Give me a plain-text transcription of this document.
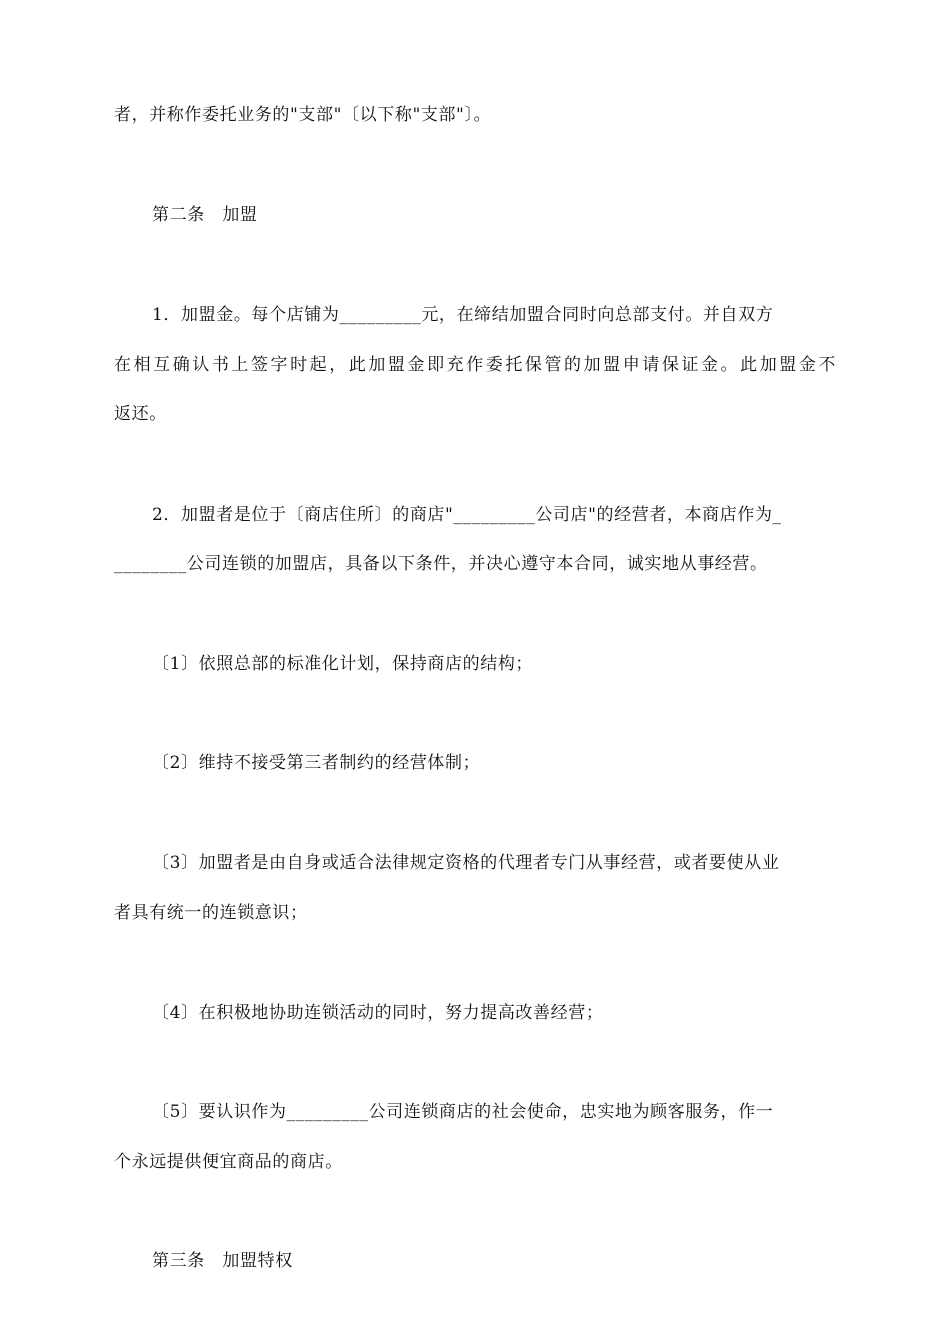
者，并称作委托业务的"支部"〔以下称"支部"〕。
第二条　加盟
1．加盟金。每个店铺为_________元，在缔结加盟合同时向总部支付。并自双方
在相互确认书上签字时起，此加盟金即充作委托保管的加盟申请保证金。此加盟金不
返还。
2．加盟者是位于〔商店住所〕的商店"_________公司店"的经营者，本商店作为_
________公司连锁的加盟店，具备以下条件，并决心遵守本合同，诚实地从事经营。
〔1〕依照总部的标准化计划，保持商店的结构；
〔2〕维持不接受第三者制约的经营体制；
〔3〕加盟者是由自身或适合法律规定资格的代理者专门从事经营，或者要使从业
者具有统一的连锁意识；
〔4〕在积极地协助连锁活动的同时，努力提高改善经营；
〔5〕要认识作为_________公司连锁商店的社会使命，忠实地为顾客服务，作一
个永远提供便宜商品的商店。
第三条　加盟特权
